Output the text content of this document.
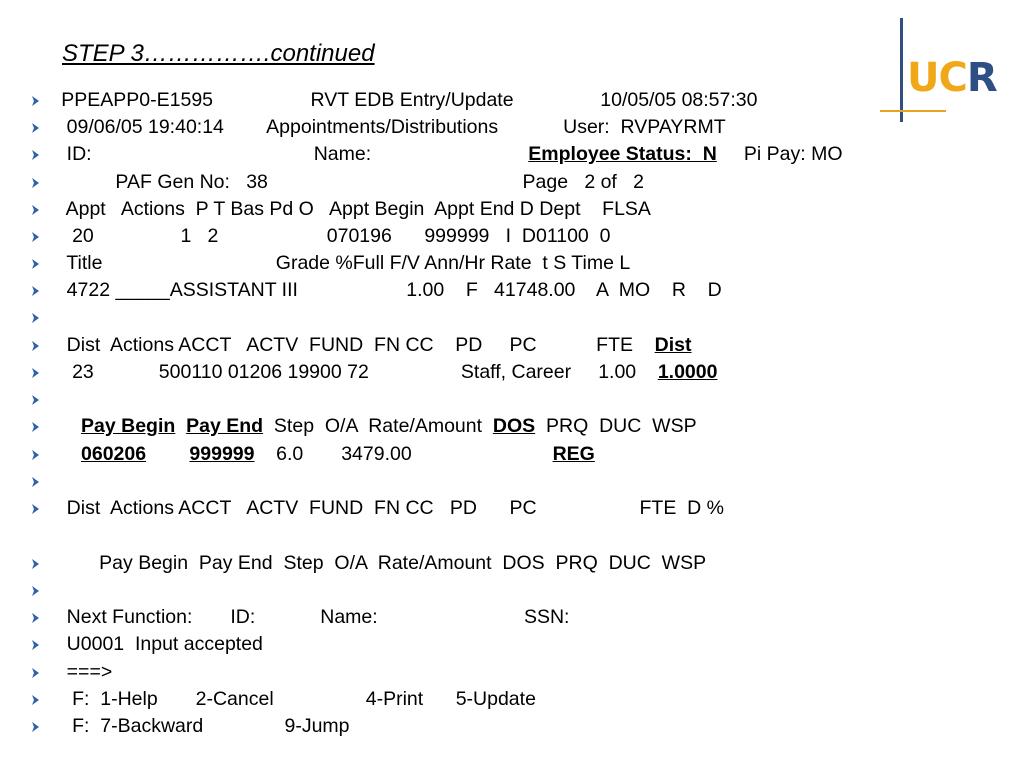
STEP 3…………….continued
UCR
PPEAPP0-E1595                  RVT EDB Entry/Update                10/05/05 08:57:30
09/06/05 19:40:14        Appointments/Distributions            User:  RVPAYRMT
ID:                                         Name:                             Employee Status:  N     Pi Pay: MO
PAF Gen No:   38                                               Page   2 of   2
Appt   Actions  P T Bas Pd O   Appt Begin  Appt End D Dept    FLSA
20                1   2                    070196      999999   I  D01100  0
Title                                Grade %Full F/V Ann/Hr Rate  t S Time L
4722 _____ASSISTANT III                    1.00    F   41748.00    A  MO    R    D
Dist  Actions ACCT   ACTV  FUND  FN CC    PD     PC           FTE    Dist
23            500110 01206 19900 72                 Staff, Career     1.00    1.0000
Pay Begin Pay End  Step  O/A  Rate/Amount  DOS  PRQ  DUC  WSP
060206 999999    6.0       3479.00                          REG
Dist  Actions ACCT   ACTV  FUND  FN CC   PD      PC                   FTE  D %
Pay Begin  Pay End  Step  O/A  Rate/Amount  DOS  PRQ  DUC  WSP
Next Function:       ID:            Name:                           SSN:
U0001  Input accepted
===>
F:  1-Help       2-Cancel                 4-Print      5-Update
F:  7-Backward               9-Jump
